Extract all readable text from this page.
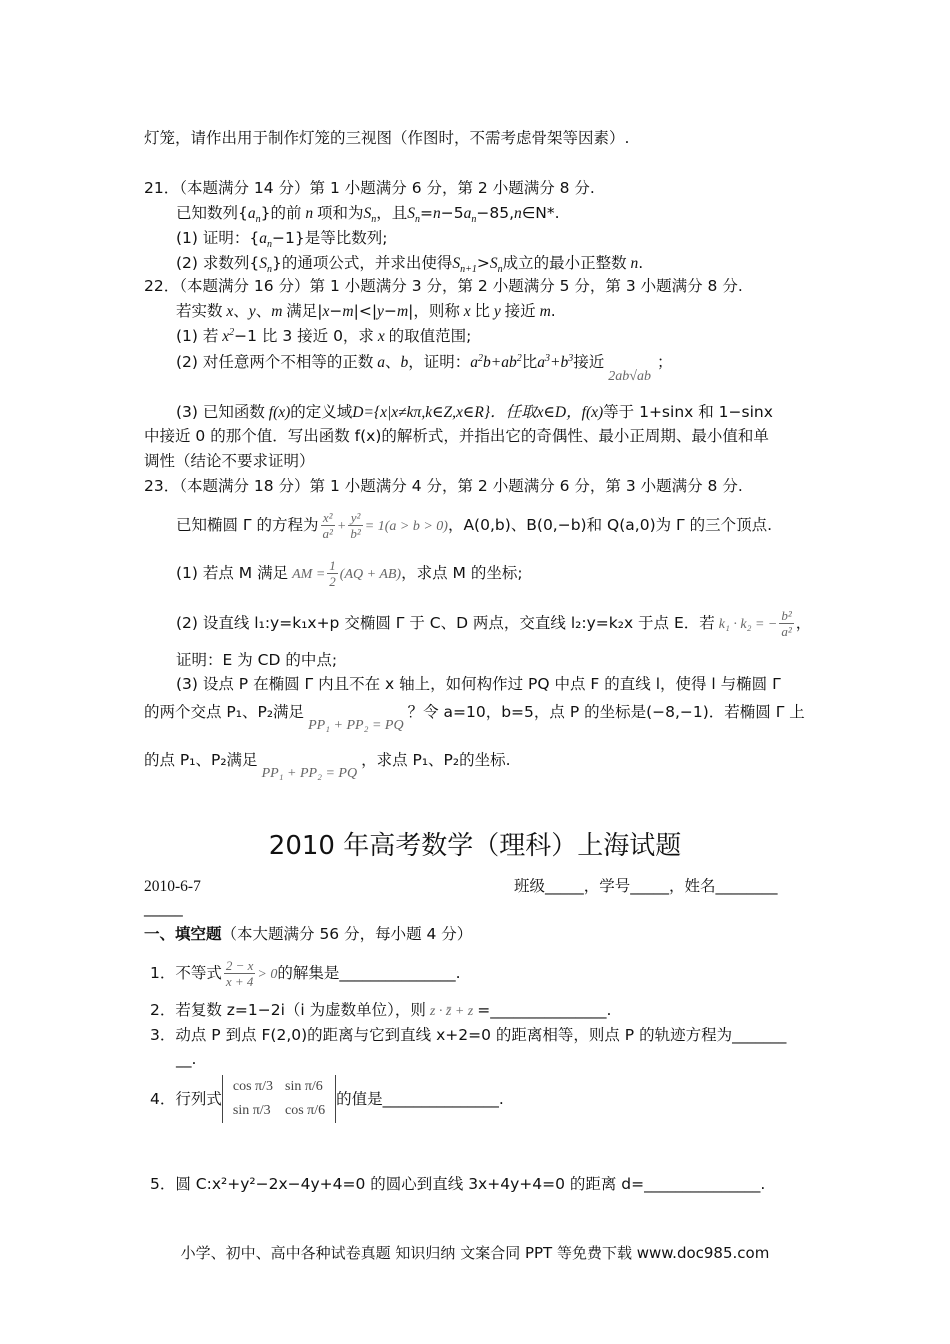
灯笼，请作出用于制作灯笼的三视图（作图时，不需考虑骨架等因素）.
21．（本题满分 14 分）第 1 小题满分 6 分，第 2 小题满分 8 分.
已知数列$\{a_n\}$的前 n 项和为$S_n$，且$S_n=n-5a_n-85,n\in N*$.
(1) 证明：$\{a_n-1\}$是等比数列;
(2) 求数列$\{S_n\}$的通项公式，并求出使得$S_{n+1}>S_n$成立的最小正整数 n.
22．（本题满分 16 分）第 1 小题满分 3 分，第 2 小题满分 5 分，第 3 小题满分 8 分.
若实数 x、y、m 满足|x−m|<|y−m|，则称 x 比 y 接近 m.
(1) 若 $x^2-1$ 比 3 接近 0，求 x 的取值范围;
(2) 对任意两个不相等的正数 a、b，证明：$a^2b+ab^2$比$a^3+b^3$接近2ab√ab；
(3) 已知函数 f(x)的定义域D={x|x≠kπ,k∈Z,x∈R}．任取x∈D，f(x)等于 1+sinx 和 1−sinx
中接近 0 的那个值．写出函数 f(x)的解析式，并指出它的奇偶性、最小正周期、最小值和单
调性（结论不要求证明）
23．（本题满分 18 分）第 1 小题满分 4 分，第 2 小题满分 6 分，第 3 小题满分 8 分.
已知椭圆 Γ 的方程为 $\frac{\text{x²}}{\text{a²}} + \frac{\text{y²}}{\text{b²}} = 1(a > b > 0)$，A(0,b)、B(0,−b)和 Q(a,0)为 Γ 的三个顶点.
(1) 若点 M 满足 AM = $\frac{1}{2} (AQ + AB)$，求点 M 的坐标;
(2) 设直线 l₁:y=k₁x+p 交椭圆 Γ 于 C、D 两点，交直线 l₂:y=k₂x 于点 E．若 k₁ · k₂ = − $\frac{\text{b²}}{\text{a²}}$ ，
证明：E 为 CD 的中点;
(3) 设点 P 在椭圆 Γ 内且不在 x 轴上，如何构作过 PQ 中点 F 的直线 l，使得 l 与椭圆 Γ
的两个交点 P₁、P₂满足PP₁ + PP₂ = PQ？令 a=10，b=5，点 P 的坐标是(−8,−1)．若椭圆 Γ 上
的点 P₁、P₂满足PP₁ + PP₂ = PQ，求点 P₁、P₂的坐标.
2010 年高考数学（理科）上海试题
2010-6-7	班级_____，学号_____，姓名________
_____
一、填空题（本大题满分 56 分，每小题 4 分）
1．不等式 $\frac{2 - x}{x + 4} > 0$的解集是_______________.
2．若复数 z=1−2i（i 为虚数单位），则 z · z̄ + z =_______________.
3．动点 P 到点 F(2,0)的距离与它到直线 x+2=0 的距离相等，则点 P 的轨迹方程为_______
__.
4．行列式
cos π/3	sin π/6
sin π/3	cos π/6
的值是_______________.
5．圆 C:x²+y²−2x−4y+4=0 的圆心到直线 3x+4y+4=0 的距离 d=_______________.
小学、初中、高中各种试卷真题 知识归纳 文案合同 PPT 等免费下载 www.doc985.com
